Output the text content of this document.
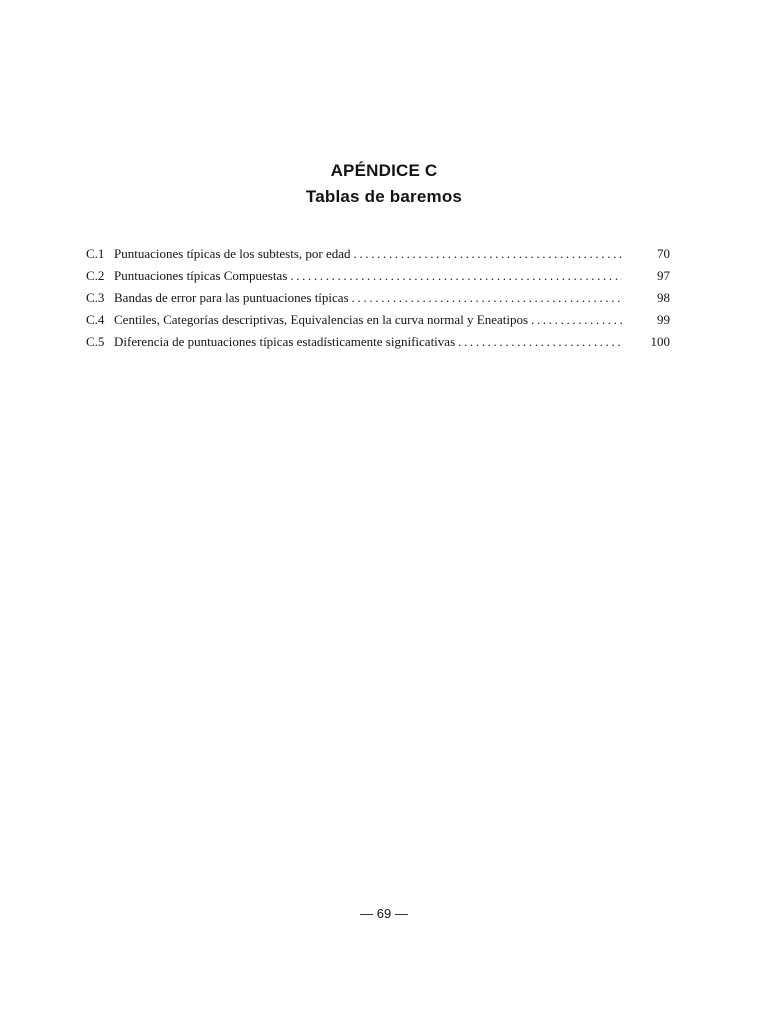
APÉNDICE C
Tablas de baremos
C.1 Puntuaciones típicas de los subtests, por edad . . .	70
C.2 Puntuaciones típicas Compuestas . . .	97
C.3 Bandas de error para las puntuaciones típicas . . .	98
C.4 Centiles, Categorías descriptivas, Equivalencias en la curva normal y Eneatipos . . .	99
C.5 Diferencia de puntuaciones típicas estadísticamente significativas . . .	100
— 69 —
